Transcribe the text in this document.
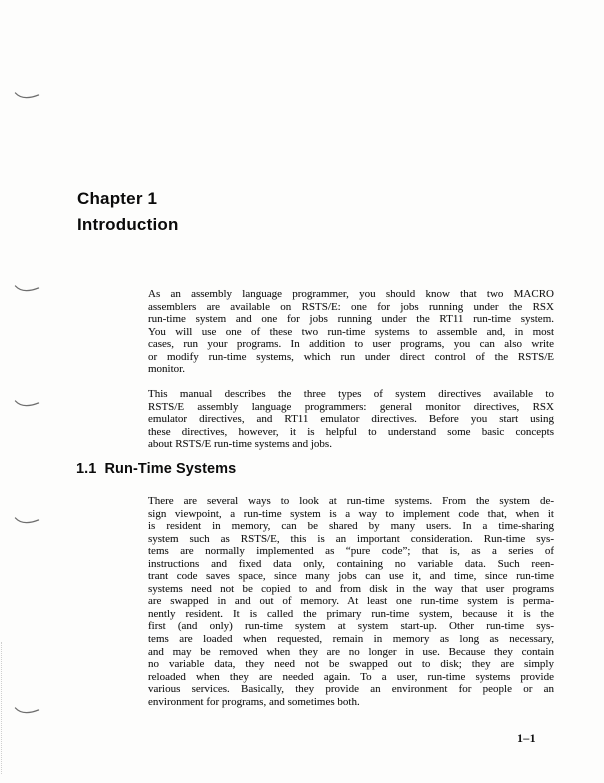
Chapter 1
Introduction
As an assembly language programmer, you should know that two MACRO
assemblers are available on RSTS/E: one for jobs running under the RSX
run-time system and one for jobs running under the RT11 run-time system.
You will use one of these two run-time systems to assemble and, in most
cases, run your programs. In addition to user programs, you can also write
or modify run-time systems, which run under direct control of the RSTS/E
monitor.
This manual describes the three types of system directives available to
RSTS/E assembly language programmers: general monitor directives, RSX
emulator directives, and RT11 emulator directives. Before you start using
these directives, however, it is helpful to understand some basic concepts
about RSTS/E run-time systems and jobs.
1.1 Run-Time Systems
There are several ways to look at run-time systems. From the system de-
sign viewpoint, a run-time system is a way to implement code that, when it
is resident in memory, can be shared by many users. In a time-sharing
system such as RSTS/E, this is an important consideration. Run-time sys-
tems are normally implemented as “pure code”; that is, as a series of
instructions and fixed data only, containing no variable data. Such reen-
trant code saves space, since many jobs can use it, and time, since run-time
systems need not be copied to and from disk in the way that user programs
are swapped in and out of memory. At least one run-time system is perma-
nently resident. It is called the primary run-time system, because it is the
first (and only) run-time system at system start-up. Other run-time sys-
tems are loaded when requested, remain in memory as long as necessary,
and may be removed when they are no longer in use. Because they contain
no variable data, they need not be swapped out to disk; they are simply
reloaded when they are needed again. To a user, run-time systems provide
various services. Basically, they provide an environment for people or an
environment for programs, and sometimes both.
1–1
